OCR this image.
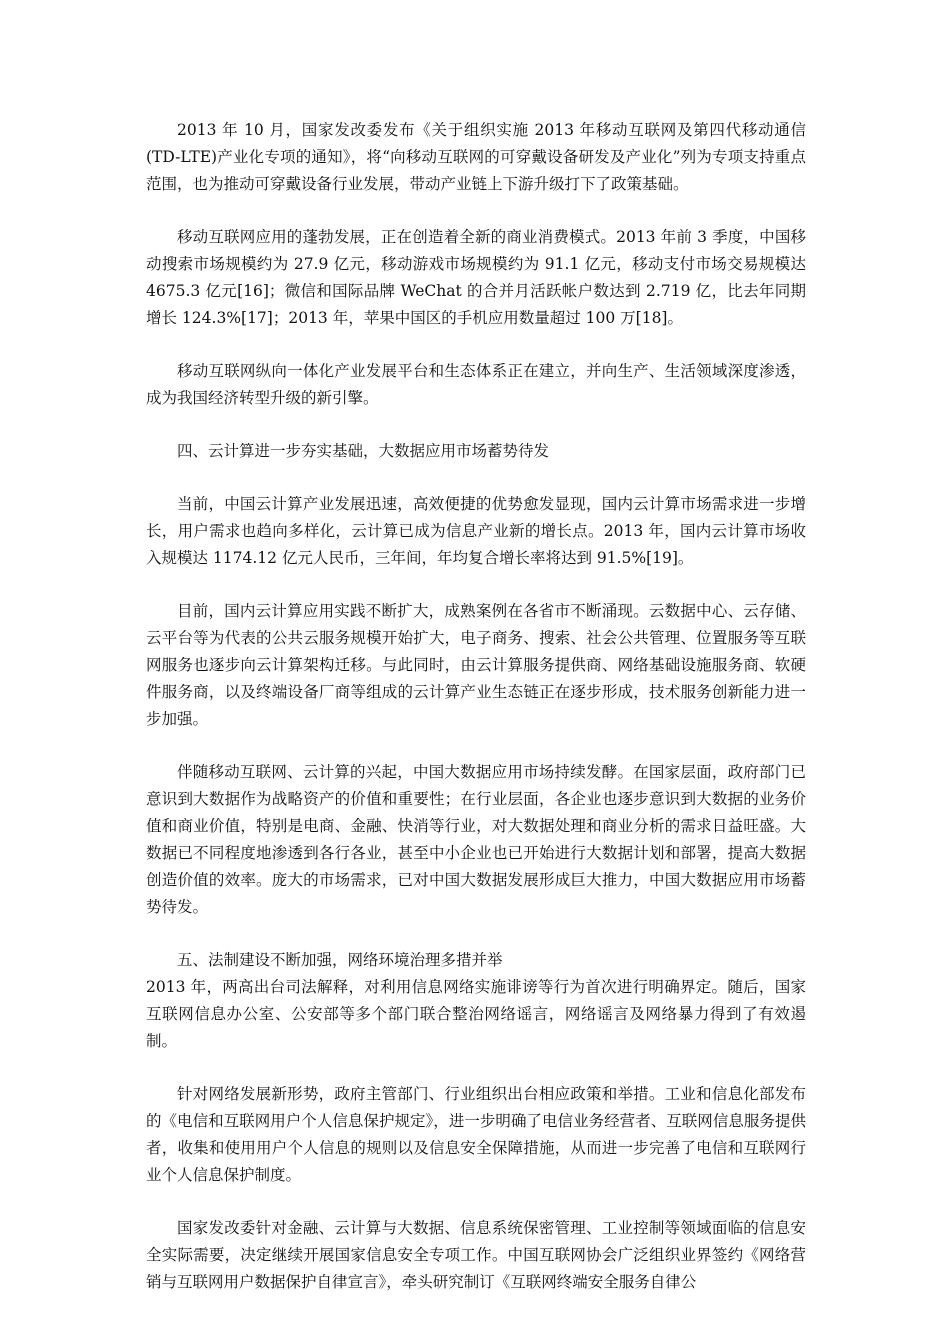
2013 年 10 月，国家发改委发布《关于组织实施 2013 年移动互联网及第四代移动通信(TD-LTE)产业化专项的通知》，将“向移动互联网的可穿戴设备研发及产业化”列为专项支持重点范围，也为推动可穿戴设备行业发展，带动产业链上下游升级打下了政策基础。

移动互联网应用的蓬勃发展，正在创造着全新的商业消费模式。2013 年前 3 季度，中国移动搜索市场规模约为 27.9 亿元，移动游戏市场规模约为 91.1 亿元，移动支付市场交易规模达 4675.3 亿元[16]；微信和国际品牌 WeChat 的合并月活跃帐户数达到 2.719 亿，比去年同期增长 124.3%[17]；2013 年，苹果中国区的手机应用数量超过 100 万[18]。

移动互联网纵向一体化产业发展平台和生态体系正在建立，并向生产、生活领域深度渗透，成为我国经济转型升级的新引擎。

四、云计算进一步夯实基础，大数据应用市场蓄势待发

当前，中国云计算产业发展迅速，高效便捷的优势愈发显现，国内云计算市场需求进一步增长，用户需求也趋向多样化，云计算已成为信息产业新的增长点。2013 年，国内云计算市场收入规模达 1174.12 亿元人民币，三年间，年均复合增长率将达到 91.5%[19]。

目前，国内云计算应用实践不断扩大，成熟案例在各省市不断涌现。云数据中心、云存储、云平台等为代表的公共云服务规模开始扩大，电子商务、搜索、社会公共管理、位置服务等互联网服务也逐步向云计算架构迁移。与此同时，由云计算服务提供商、网络基础设施服务商、软硬件服务商，以及终端设备厂商等组成的云计算产业生态链正在逐步形成，技术服务创新能力进一步加强。

伴随移动互联网、云计算的兴起，中国大数据应用市场持续发酵。在国家层面，政府部门已意识到大数据作为战略资产的价值和重要性；在行业层面，各企业也逐步意识到大数据的业务价值和商业价值，特别是电商、金融、快消等行业，对大数据处理和商业分析的需求日益旺盛。大数据已不同程度地渗透到各行各业，甚至中小企业也已开始进行大数据计划和部署，提高大数据创造价值的效率。庞大的市场需求，已对中国大数据发展形成巨大推力，中国大数据应用市场蓄势待发。

五、法制建设不断加强，网络环境治理多措并举

2013 年，两高出台司法解释，对利用信息网络实施诽谤等行为首次进行明确界定。随后，国家互联网信息办公室、公安部等多个部门联合整治网络谣言，网络谣言及网络暴力得到了有效遏制。

针对网络发展新形势，政府主管部门、行业组织出台相应政策和举措。工业和信息化部发布的《电信和互联网用户个人信息保护规定》，进一步明确了电信业务经营者、互联网信息服务提供者，收集和使用用户个人信息的规则以及信息安全保障措施，从而进一步完善了电信和互联网行业个人信息保护制度。

国家发改委针对金融、云计算与大数据、信息系统保密管理、工业控制等领域面临的信息安全实际需要，决定继续开展国家信息安全专项工作。中国互联网协会广泛组织业界签约《网络营销与互联网用户数据保护自律宣言》，牵头研究制订《互联网终端安全服务自律公
